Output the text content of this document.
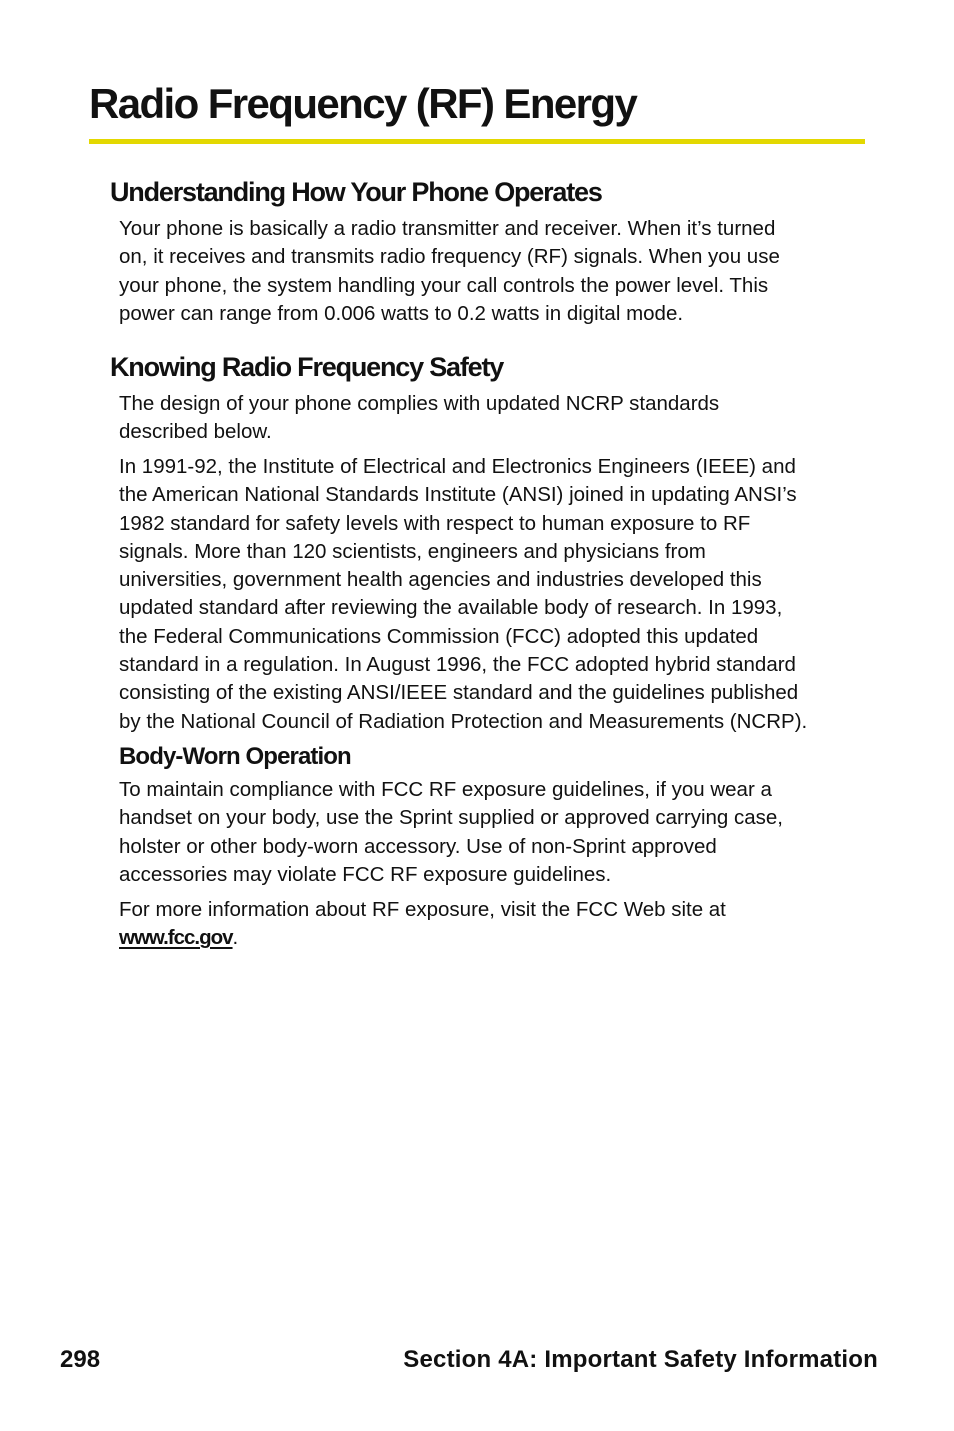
Radio Frequency (RF) Energy
Understanding How Your Phone Operates

Your phone is basically a radio transmitter and receiver. When it’s turned
on, it receives and transmits radio frequency (RF) signals. When you use
your phone, the system handling your call controls the power level. This
power can range from 0.006 watts to 0.2 watts in digital mode.

Knowing Radio Frequency Safety

The design of your phone complies with updated NCRP standards
described below.

In 1991-92, the Institute of Electrical and Electronics Engineers (IEEE) and
the American National Standards Institute (ANSI) joined in updating ANSI’s
1982 standard for safety levels with respect to human exposure to RF
signals. More than 120 scientists, engineers and physicians from
universities, government health agencies and industries developed this
updated standard after reviewing the available body of research. In 1993,
the Federal Communications Commission (FCC) adopted this updated
standard in a regulation. In August 1996, the FCC adopted hybrid standard
consisting of the existing ANSI/IEEE standard and the guidelines published
by the National Council of Radiation Protection and Measurements (NCRP).

Body-Worn Operation

To maintain compliance with FCC RF exposure guidelines, if you wear a
handset on your body, use the Sprint supplied or approved carrying case,
holster or other body-worn accessory. Use of non-Sprint approved
accessories may violate FCC RF exposure guidelines.

For more information about RF exposure, visit the FCC Web site at
www.fcc.gov.

298	Section 4A: Important Safety Information
